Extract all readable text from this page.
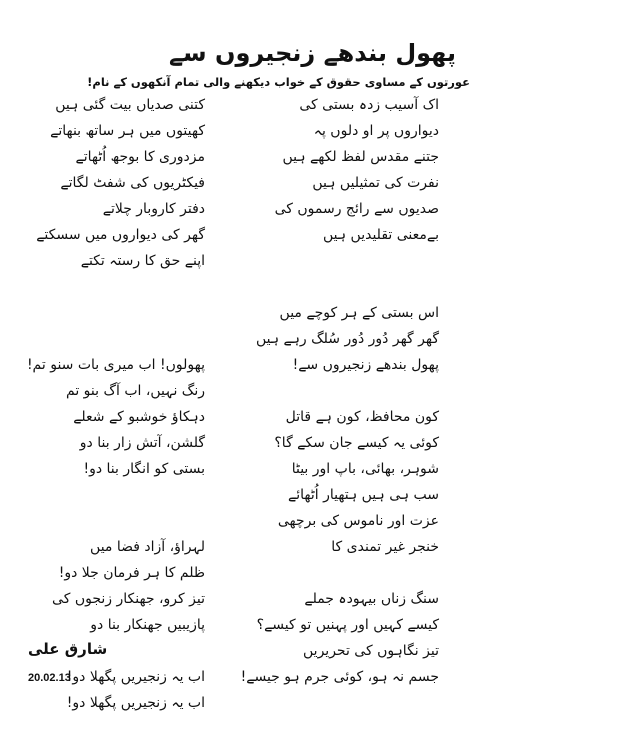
پھول بندھے زنجیروں سے
عورتوں کے مساوی حقوق کے خواب دیکھنے والی تمام آنکھوں کے نام!
اک آسیب زدہ بستی کی
دیواروں پر او دلوں پہ
جتنے مقدس لفظ لکھے ہیں
نفرت کی تمثیلیں ہیں
صدیوں سے رائج رسموں کی
بےمعنی تقلیدیں ہیں
اس بستی کے ہر کوچے میں
گھر گھر دُور دُور سُلگ رہے ہیں
پھول بندھے زنجیروں سے!
کون محافظ، کون ہے قاتل
کوئی یہ کیسے جان سکے گا؟
شوہر، بھائی، باپ اور بیٹا
سب ہی ہیں ہتھیار اُٹھائے
عزت اور ناموس کی برچھی
خنجر غیر تمندی کا
سنگ زناں بیہودہ جملے
کیسے کہیں اور پہنیں تو کیسے؟
تیز نگاہوں کی تحریریں
جسم نہ ہو، کوئی جرم ہو جیسے!
کتنی صدیاں بیت گئی ہیں
کھیتوں میں ہر ساتھ بنھاتے
مزدوری کا بوجھ اُٹھاتے
فیکٹریوں کی شفٹ لگاتے
دفتر کاروبار چلاتے
گھر کی دیواروں میں سسکتے
اپنے حق کا رستہ تکتے
پھولوں! اب میری بات سنو تم!
رنگ نہیں، اب آگ بنو تم
دہکاؤ خوشبو کے شعلے
گلشن، آتش زار بنا دو
بستی کو انگار بنا دو!
لہراؤ، آزاد فضا میں
ظلم کا ہر فرمان جلا دو!
تیز کرو، جھنکار زنجوں کی
پازیبیں جھنکار بنا دو
اب یہ زنجیریں پگھلا دو!
اب یہ زنجیریں پگھلا دو!
شارق علی
20.02.13
